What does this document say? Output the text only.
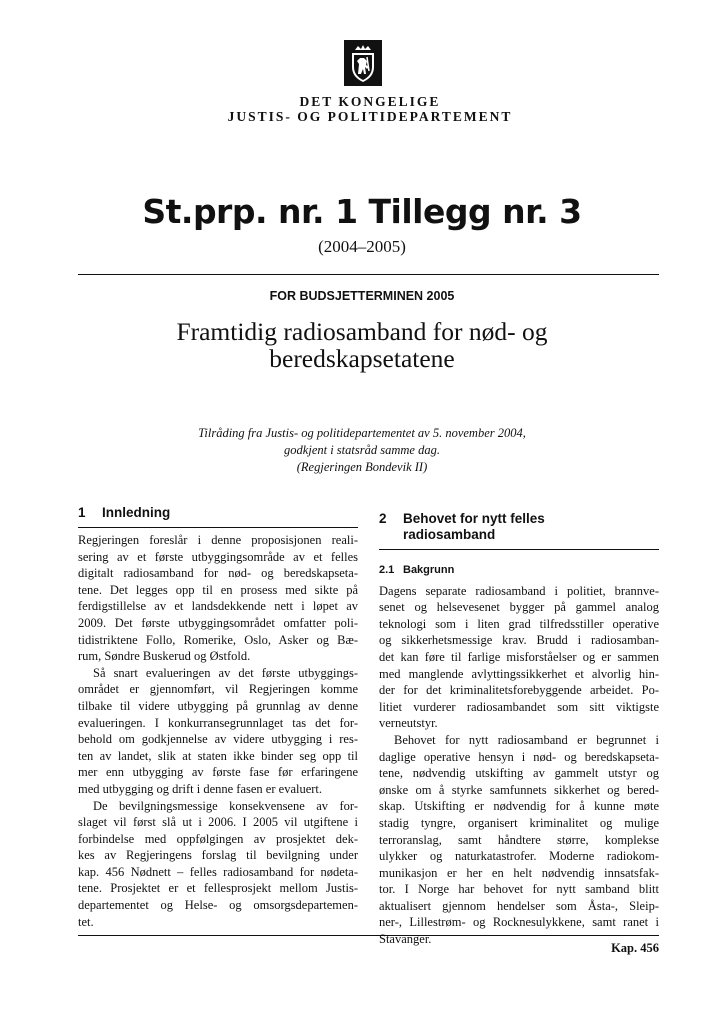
DET KONGELIGE
JUSTIS- OG POLITIDEPARTEMENT
St.prp. nr. 1 Tillegg nr. 3
(2004–2005)
FOR BUDSJETTERMINEN 2005
Framtidig radiosamband for nød- og
beredskapsetatene
Tilråding fra Justis- og politidepartementet av 5. november 2004,
godkjent i statsråd samme dag.
(Regjeringen Bondevik II)
1	Innledning
Regjeringen foreslår i denne proposisjonen reali-
sering av et første utbyggingsområde av et felles
digitalt radiosamband for nød- og beredskapseta-
tene. Det legges opp til en prosess med sikte på
ferdigstillelse av et landsdekkende nett i løpet av
2009. Det første utbyggingsområdet omfatter poli-
tidistriktene Follo, Romerike, Oslo, Asker og Bæ-
rum, Søndre Buskerud og Østfold.
Så snart evalueringen av det første utbyggings-
området er gjennomført, vil Regjeringen komme
tilbake til videre utbygging på grunnlag av denne
evalueringen. I konkurransegrunnlaget tas det for-
behold om godkjennelse av videre utbygging i res-
ten av landet, slik at staten ikke binder seg opp til
mer enn utbygging av første fase før erfaringene
med utbygging og drift i denne fasen er evaluert.
De bevilgningsmessige konsekvensene av for-
slaget vil først slå ut i 2006. I 2005 vil utgiftene i
forbindelse med oppfølgingen av prosjektet dek-
kes av Regjeringens forslag til bevilgning under
kap. 456 Nødnett – felles radiosamband for nødeta-
tene. Prosjektet er et fellesprosjekt mellom Justis-
departementet og Helse- og omsorgsdepartemen-
tet.
2	Behovet for nytt felles
radiosamband
2.1 Bakgrunn
Dagens separate radiosamband i politiet, brannve-
senet og helsevesenet bygger på gammel analog
teknologi som i liten grad tilfredsstiller operative
og sikkerhetsmessige krav. Brudd i radiosamban-
det kan føre til farlige misforståelser og er sammen
med manglende avlyttingssikkerhet et alvorlig hin-
der for det kriminalitetsforebyggende arbeidet. Po-
litiet vurderer radiosambandet som sitt viktigste
verneutstyr.
Behovet for nytt radiosamband er begrunnet i
daglige operative hensyn i nød- og beredskapseta-
tene, nødvendig utskifting av gammelt utstyr og
ønske om å styrke samfunnets sikkerhet og bered-
skap. Utskifting er nødvendig for å kunne møte
stadig tyngre, organisert kriminalitet og mulige
terroranslag, samt håndtere større, komplekse
ulykker og naturkatastrofer. Moderne radiokom-
munikasjon er her en helt nødvendig innsatsfak-
tor. I Norge har behovet for nytt samband blitt
aktualisert gjennom hendelser som Åsta-, Sleip-
ner-, Lillestrøm- og Rocknesulykkene, samt ranet i
Stavanger.
Kap. 456
